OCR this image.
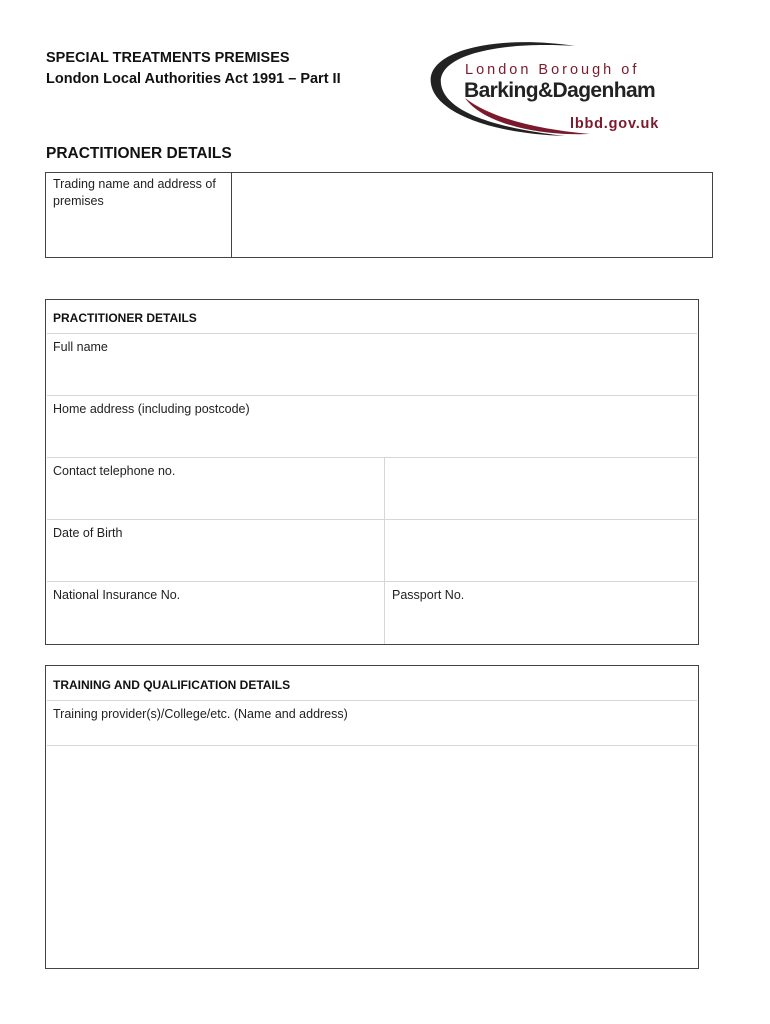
SPECIAL TREATMENTS PREMISES
London Local Authorities Act 1991 – Part II
London Borough of
Barking&Dagenham
lbbd.gov.uk
PRACTITIONER DETAILS
Trading name and address of premises
PRACTITIONER DETAILS
Full name
Home address (including postcode)
Contact telephone no.
Date of Birth
National Insurance No.	Passport No.
TRAINING AND QUALIFICATION DETAILS
Training provider(s)/College/etc. (Name and address)
